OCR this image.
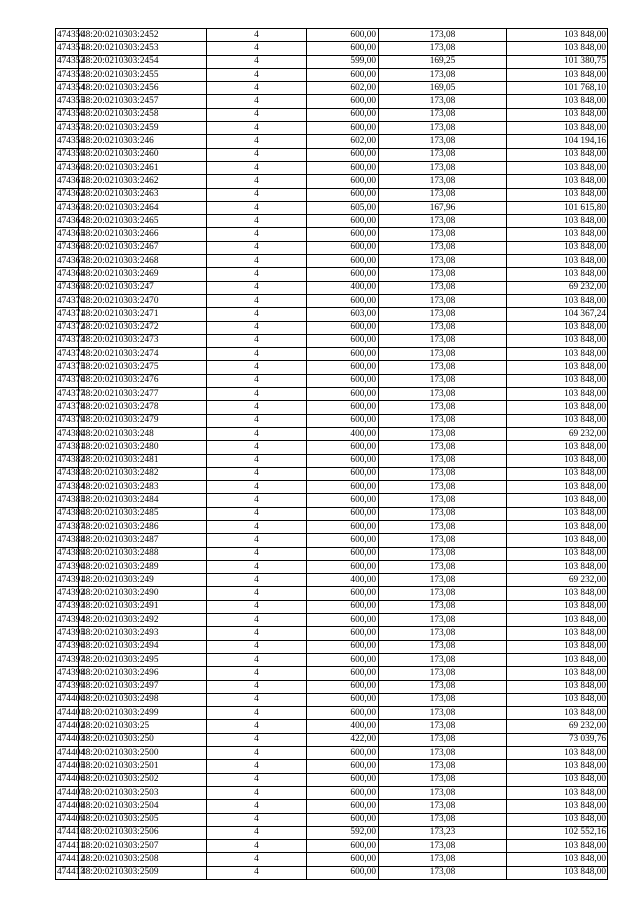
474350	48:20:0210303:2452	4	600,00	173,08	103 848,00
474351	48:20:0210303:2453	4	600,00	173,08	103 848,00
474352	48:20:0210303:2454	4	599,00	169,25	101 380,75
474353	48:20:0210303:2455	4	600,00	173,08	103 848,00
474354	48:20:0210303:2456	4	602,00	169,05	101 768,10
474355	48:20:0210303:2457	4	600,00	173,08	103 848,00
474356	48:20:0210303:2458	4	600,00	173,08	103 848,00
474357	48:20:0210303:2459	4	600,00	173,08	103 848,00
474358	48:20:0210303:246	4	602,00	173,08	104 194,16
474359	48:20:0210303:2460	4	600,00	173,08	103 848,00
474360	48:20:0210303:2461	4	600,00	173,08	103 848,00
474361	48:20:0210303:2462	4	600,00	173,08	103 848,00
474362	48:20:0210303:2463	4	600,00	173,08	103 848,00
474363	48:20:0210303:2464	4	605,00	167,96	101 615,80
474364	48:20:0210303:2465	4	600,00	173,08	103 848,00
474365	48:20:0210303:2466	4	600,00	173,08	103 848,00
474366	48:20:0210303:2467	4	600,00	173,08	103 848,00
474367	48:20:0210303:2468	4	600,00	173,08	103 848,00
474368	48:20:0210303:2469	4	600,00	173,08	103 848,00
474369	48:20:0210303:247	4	400,00	173,08	69 232,00
474370	48:20:0210303:2470	4	600,00	173,08	103 848,00
474371	48:20:0210303:2471	4	603,00	173,08	104 367,24
474372	48:20:0210303:2472	4	600,00	173,08	103 848,00
474373	48:20:0210303:2473	4	600,00	173,08	103 848,00
474374	48:20:0210303:2474	4	600,00	173,08	103 848,00
474375	48:20:0210303:2475	4	600,00	173,08	103 848,00
474376	48:20:0210303:2476	4	600,00	173,08	103 848,00
474377	48:20:0210303:2477	4	600,00	173,08	103 848,00
474378	48:20:0210303:2478	4	600,00	173,08	103 848,00
474379	48:20:0210303:2479	4	600,00	173,08	103 848,00
474380	48:20:0210303:248	4	400,00	173,08	69 232,00
474381	48:20:0210303:2480	4	600,00	173,08	103 848,00
474382	48:20:0210303:2481	4	600,00	173,08	103 848,00
474383	48:20:0210303:2482	4	600,00	173,08	103 848,00
474384	48:20:0210303:2483	4	600,00	173,08	103 848,00
474385	48:20:0210303:2484	4	600,00	173,08	103 848,00
474386	48:20:0210303:2485	4	600,00	173,08	103 848,00
474387	48:20:0210303:2486	4	600,00	173,08	103 848,00
474388	48:20:0210303:2487	4	600,00	173,08	103 848,00
474389	48:20:0210303:2488	4	600,00	173,08	103 848,00
474390	48:20:0210303:2489	4	600,00	173,08	103 848,00
474391	48:20:0210303:249	4	400,00	173,08	69 232,00
474392	48:20:0210303:2490	4	600,00	173,08	103 848,00
474393	48:20:0210303:2491	4	600,00	173,08	103 848,00
474394	48:20:0210303:2492	4	600,00	173,08	103 848,00
474395	48:20:0210303:2493	4	600,00	173,08	103 848,00
474396	48:20:0210303:2494	4	600,00	173,08	103 848,00
474397	48:20:0210303:2495	4	600,00	173,08	103 848,00
474398	48:20:0210303:2496	4	600,00	173,08	103 848,00
474399	48:20:0210303:2497	4	600,00	173,08	103 848,00
474400	48:20:0210303:2498	4	600,00	173,08	103 848,00
474401	48:20:0210303:2499	4	600,00	173,08	103 848,00
474402	48:20:0210303:25	4	400,00	173,08	69 232,00
474403	48:20:0210303:250	4	422,00	173,08	73 039,76
474404	48:20:0210303:2500	4	600,00	173,08	103 848,00
474405	48:20:0210303:2501	4	600,00	173,08	103 848,00
474406	48:20:0210303:2502	4	600,00	173,08	103 848,00
474407	48:20:0210303:2503	4	600,00	173,08	103 848,00
474408	48:20:0210303:2504	4	600,00	173,08	103 848,00
474409	48:20:0210303:2505	4	600,00	173,08	103 848,00
474410	48:20:0210303:2506	4	592,00	173,23	102 552,16
474411	48:20:0210303:2507	4	600,00	173,08	103 848,00
474412	48:20:0210303:2508	4	600,00	173,08	103 848,00
474413	48:20:0210303:2509	4	600,00	173,08	103 848,00
